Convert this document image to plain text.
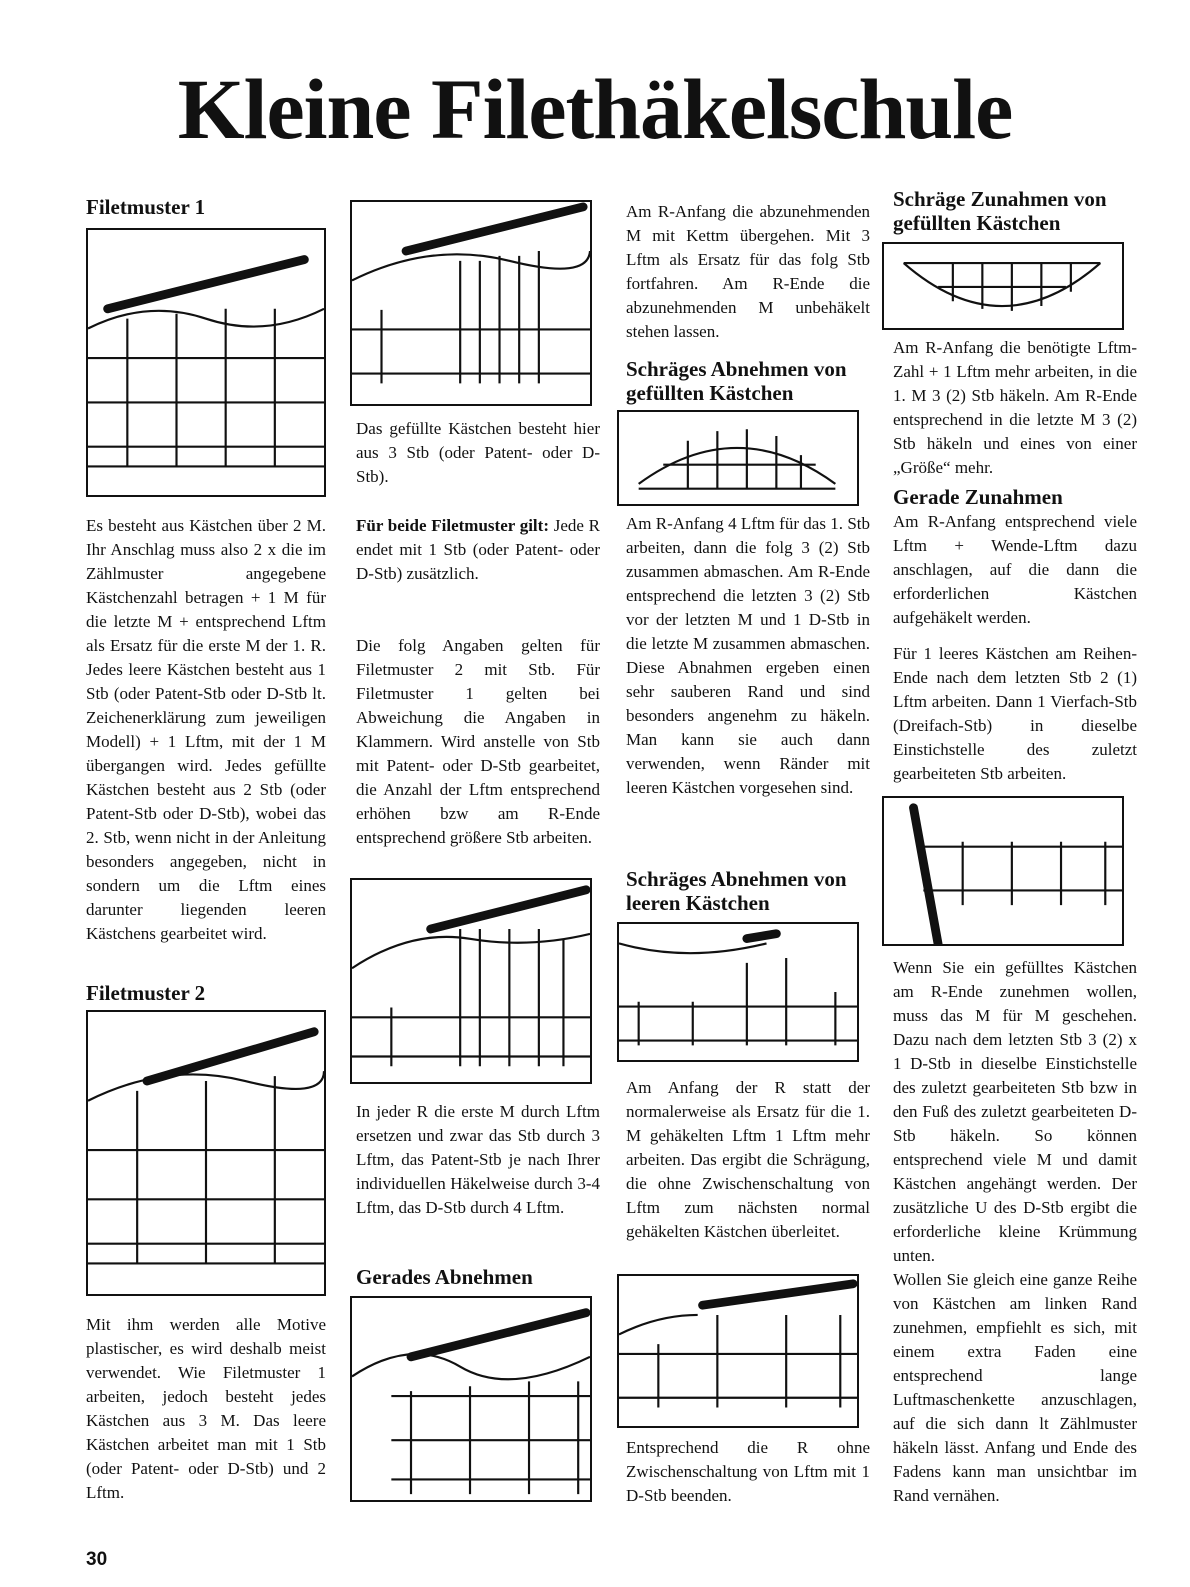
Kleine Filethäkelschule
Filetmuster 1

Es besteht aus Kästchen über 2 M. Ihr Anschlag muss also 2 x die im Zählmuster angegebene Kästchenzahl betragen + 1 M für die letzte M + entsprechend Lftm als Ersatz für die erste M der 1. R. Jedes leere Kästchen besteht aus 1 Stb (oder Patent-Stb oder D-Stb lt. Zeichenerklärung zum jeweiligen Modell) + 1 Lftm, mit der 1 M übergangen wird. Jedes gefüllte Kästchen besteht aus 2 Stb (oder Patent-Stb oder D-Stb), wobei das 2. Stb, wenn nicht in der Anleitung besonders angegeben, nicht in sondern um die Lftm eines darunter liegenden leeren Kästchens gearbeitet wird.

Filetmuster 2

Mit ihm werden alle Motive plastischer, es wird deshalb meist verwendet. Wie Filetmuster 1 arbeiten, jedoch besteht jedes Kästchen aus 3 M. Das leere Kästchen arbeitet man mit 1 Stb (oder Patent- oder D-Stb) und 2 Lftm.

Das gefüllte Kästchen besteht hier aus 3 Stb (oder Patent- oder D-Stb).

Für beide Filetmuster gilt: Jede R endet mit 1 Stb (oder Patent- oder D-Stb) zusätzlich.

Die folg Angaben gelten für Filetmuster 2 mit Stb. Für Filetmuster 1 gelten bei Abweichung die Angaben in Klammern. Wird anstelle von Stb mit Patent- oder D-Stb gearbeitet, die Anzahl der Lftm entsprechend erhöhen bzw am R-Ende entsprechend größere Stb arbeiten.

In jeder R die erste M durch Lftm ersetzen und zwar das Stb durch 3 Lftm, das Patent-Stb je nach Ihrer individuellen Häkelweise durch 3-4 Lftm, das D-Stb durch 4 Lftm.

Gerades Abnehmen

Am R-Anfang die abzunehmenden M mit Kettm übergehen. Mit 3 Lftm als Ersatz für das folg Stb fortfahren. Am R-Ende die abzunehmenden M unbehäkelt stehen lassen.

Schräges Abnehmen von gefüllten Kästchen

Am R-Anfang 4 Lftm für das 1. Stb arbeiten, dann die folg 3 (2) Stb zusammen abmaschen. Am R-Ende entsprechend die letzten 3 (2) Stb vor der letzten M und 1 D-Stb in die letzte M zusammen abmaschen. Diese Abnahmen ergeben einen sehr sauberen Rand und sind besonders angenehm zu häkeln. Man kann sie auch dann verwenden, wenn Ränder mit leeren Kästchen vorgesehen sind.

Schräges Abnehmen von leeren Kästchen

Am Anfang der R statt der normalerweise als Ersatz für die 1. M gehäkelten Lftm 1 Lftm mehr arbeiten. Das ergibt die Schrägung, die ohne Zwischenschaltung von Lftm zum nächsten normal gehäkelten Kästchen überleitet.

Entsprechend die R ohne Zwischenschaltung von Lftm mit 1 D-Stb beenden.

Schräge Zunahmen von gefüllten Kästchen

Am R-Anfang die benötigte Lftm-Zahl + 1 Lftm mehr arbeiten, in die 1. M 3 (2) Stb häkeln. Am R-Ende entsprechend in die letzte M 3 (2) Stb häkeln und eines von einer „Größe“ mehr.

Gerade Zunahmen

Am R-Anfang entsprechend viele Lftm + Wende-Lftm dazu anschlagen, auf die dann die erforderlichen Kästchen aufgehäkelt werden.

Für 1 leeres Kästchen am Reihen-Ende nach dem letzten Stb 2 (1) Lftm arbeiten. Dann 1 Vierfach-Stb (Dreifach-Stb) in dieselbe Einstichstelle des zuletzt gearbeiteten Stb arbeiten.

Wenn Sie ein gefülltes Kästchen am R-Ende zunehmen wollen, muss das M für M geschehen. Dazu nach dem letzten Stb 3 (2) x 1 D-Stb in dieselbe Einstichstelle des zuletzt gearbeiteten Stb bzw in den Fuß des zuletzt gearbeiteten D-Stb häkeln. So können entsprechend viele M und damit Kästchen angehängt werden. Der zusätzliche U des D-Stb ergibt die erforderliche kleine Krümmung unten.

Wollen Sie gleich eine ganze Reihe von Kästchen am linken Rand zunehmen, empfiehlt es sich, mit einem extra Faden eine entsprechend lange Luftmaschenkette anzuschlagen, auf die sich dann lt Zählmuster häkeln lässt. Anfang und Ende des Fadens kann man unsichtbar im Rand vernähen.

30
